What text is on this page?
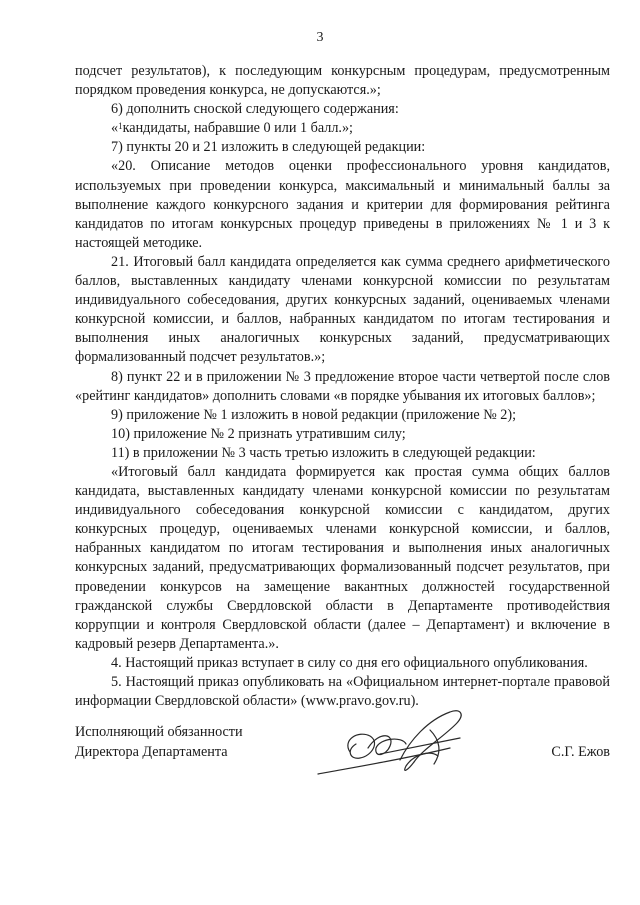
3

подсчет результатов), к последующим конкурсным процедурам, предусмотренным порядком проведения конкурса, не допускаются.»;

6) дополнить сноской следующего содержания:

«$^1$кандидаты, набравшие 0 или 1 балл.»;

7) пункты 20 и 21 изложить в следующей редакции:

«20. Описание методов оценки профессионального уровня кандидатов, используемых при проведении конкурса, максимальный и минимальный баллы за выполнение каждого конкурсного задания и критерии для формирования рейтинга кандидатов по итогам конкурсных процедур приведены в приложениях № 1 и 3 к настоящей методике.

21. Итоговый балл кандидата определяется как сумма среднего арифметического баллов, выставленных кандидату членами конкурсной комиссии по результатам индивидуального собеседования, других конкурсных заданий, оцениваемых членами конкурсной комиссии, и баллов, набранных кандидатом по итогам тестирования и выполнения иных аналогичных конкурсных заданий, предусматривающих формализованный подсчет результатов.»;

8) пункт 22 и в приложении № 3 предложение второе части четвертой после слов «рейтинг кандидатов» дополнить словами «в порядке убывания их итоговых баллов»;

9) приложение № 1 изложить в новой редакции (приложение № 2);

10) приложение № 2 признать утратившим силу;

11) в приложении № 3 часть третью изложить в следующей редакции:

«Итоговый балл кандидата формируется как простая сумма общих баллов кандидата, выставленных кандидату членами конкурсной комиссии по результатам индивидуального собеседования конкурсной комиссии с кандидатом, других конкурсных процедур, оцениваемых членами конкурсной комиссии, и баллов, набранных кандидатом по итогам тестирования и выполнения иных аналогичных конкурсных заданий, предусматривающих формализованный подсчет результатов, при проведении конкурсов на замещение вакантных должностей государственной гражданской службы Свердловской области в Департаменте противодействия коррупции и контроля Свердловской области (далее – Департамент) и включение в кадровый резерв Департамента.».

4. Настоящий приказ вступает в силу со дня его официального опубликования.

5. Настоящий приказ опубликовать на «Официальном интернет-портале правовой информации Свердловской области» (www.pravo.gov.ru).

Исполняющий обязанности
Директора Департамента	С.Г. Ежов
